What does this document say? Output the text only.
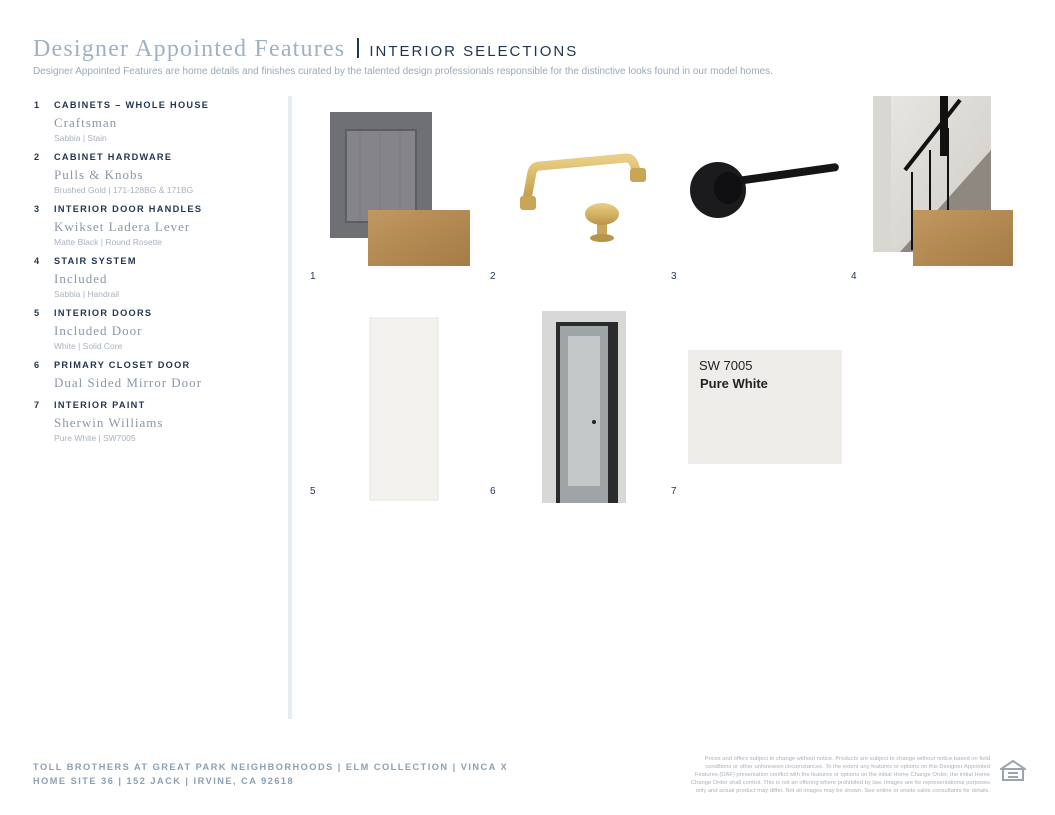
Designer Appointed Features INTERIOR SELECTIONS
Designer Appointed Features are home details and finishes curated by the talented design professionals responsible for the distinctive looks found in our model homes.
1	CABINETS – WHOLE HOUSE
Craftsman
Sabbia | Stain
2	CABINET HARDWARE
Pulls & Knobs
Brushed Gold | 171-128BG & 171BG
3	INTERIOR DOOR HANDLES
Kwikset Ladera Lever
Matte Black | Round Rosette
4	STAIR SYSTEM
Included
Sabbia | Handrail
5	INTERIOR DOORS
Included Door
White | Solid Core
6	PRIMARY CLOSET DOOR
Dual Sided Mirror Door
7	INTERIOR PAINT
Sherwin Williams
Pure White | SW7005
SW 7005
Pure White
1	2	3	4
5	6	7
TOLL BROTHERS AT GREAT PARK NEIGHBORHOODS | ELM COLLECTION | VINCA X
HOME SITE 36 | 152 JACK | IRVINE, CA 92618
Prices and offers subject to change without notice. Products are subject to change without notice based on field conditions or other unforeseen circumstances. To the extent any features or options on this Designer Appointed Features (DAF) presentation conflict with the features or options on the initial Home Change Order, the initial Home Change Order shall control. This is not an offering where prohibited by law. Images are for representational purposes only and actual product may differ. Not all images may be shown. See online or onsite sales consultants for details.
